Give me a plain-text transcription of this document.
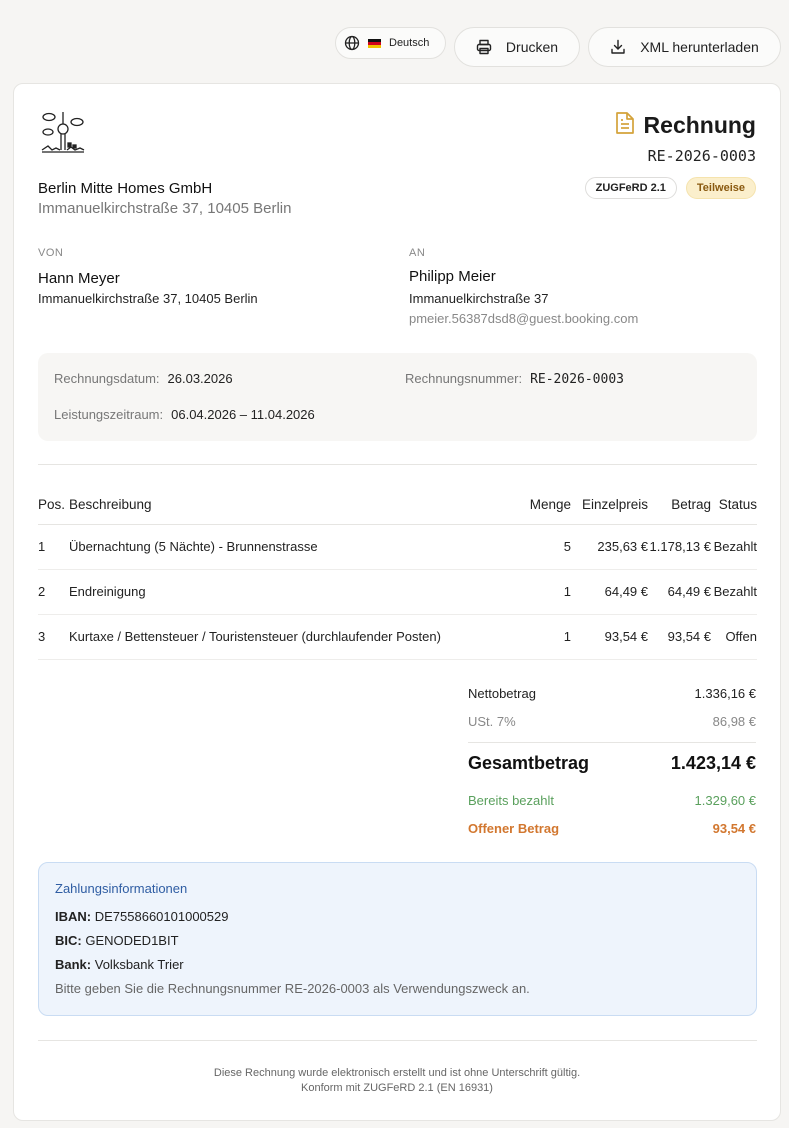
Deutsch	Drucken	XML herunterladen
Berlin Mitte Homes GmbH
Immanuelkirchstraße 37, 10405 Berlin
Rechnung
RE-2026-0003
ZUGFeRD 2.1	Teilweise
VON	AN
Hann Meyer
Immanuelkirchstraße 37, 10405 Berlin
Philipp Meier
Immanuelkirchstraße 37
pmeier.56387dsd8@guest.booking.com
Rechnungsdatum: 26.03.2026	Rechnungsnummer: RE-2026-0003
Leistungszeitraum: 06.04.2026 – 11.04.2026
Pos.	Beschreibung	Menge	Einzelpreis	Betrag	Status
1	Übernachtung (5 Nächte) - Brunnenstrasse	5	235,63 €	1.178,13 €	Bezahlt
2	Endreinigung	1	64,49 €	64,49 €	Bezahlt
3	Kurtaxe / Bettensteuer / Touristensteuer (durchlaufender Posten)	1	93,54 €	93,54 €	Offen
Nettobetrag	1.336,16 €
USt. 7%	86,98 €
Gesamtbetrag	1.423,14 €
Bereits bezahlt	1.329,60 €
Offener Betrag	93,54 €
Zahlungsinformationen
IBAN: DE7558660101000529
BIC: GENODED1BIT
Bank: Volksbank Trier
Bitte geben Sie die Rechnungsnummer RE-2026-0003 als Verwendungszweck an.
Diese Rechnung wurde elektronisch erstellt und ist ohne Unterschrift gültig.
Konform mit ZUGFeRD 2.1 (EN 16931)
